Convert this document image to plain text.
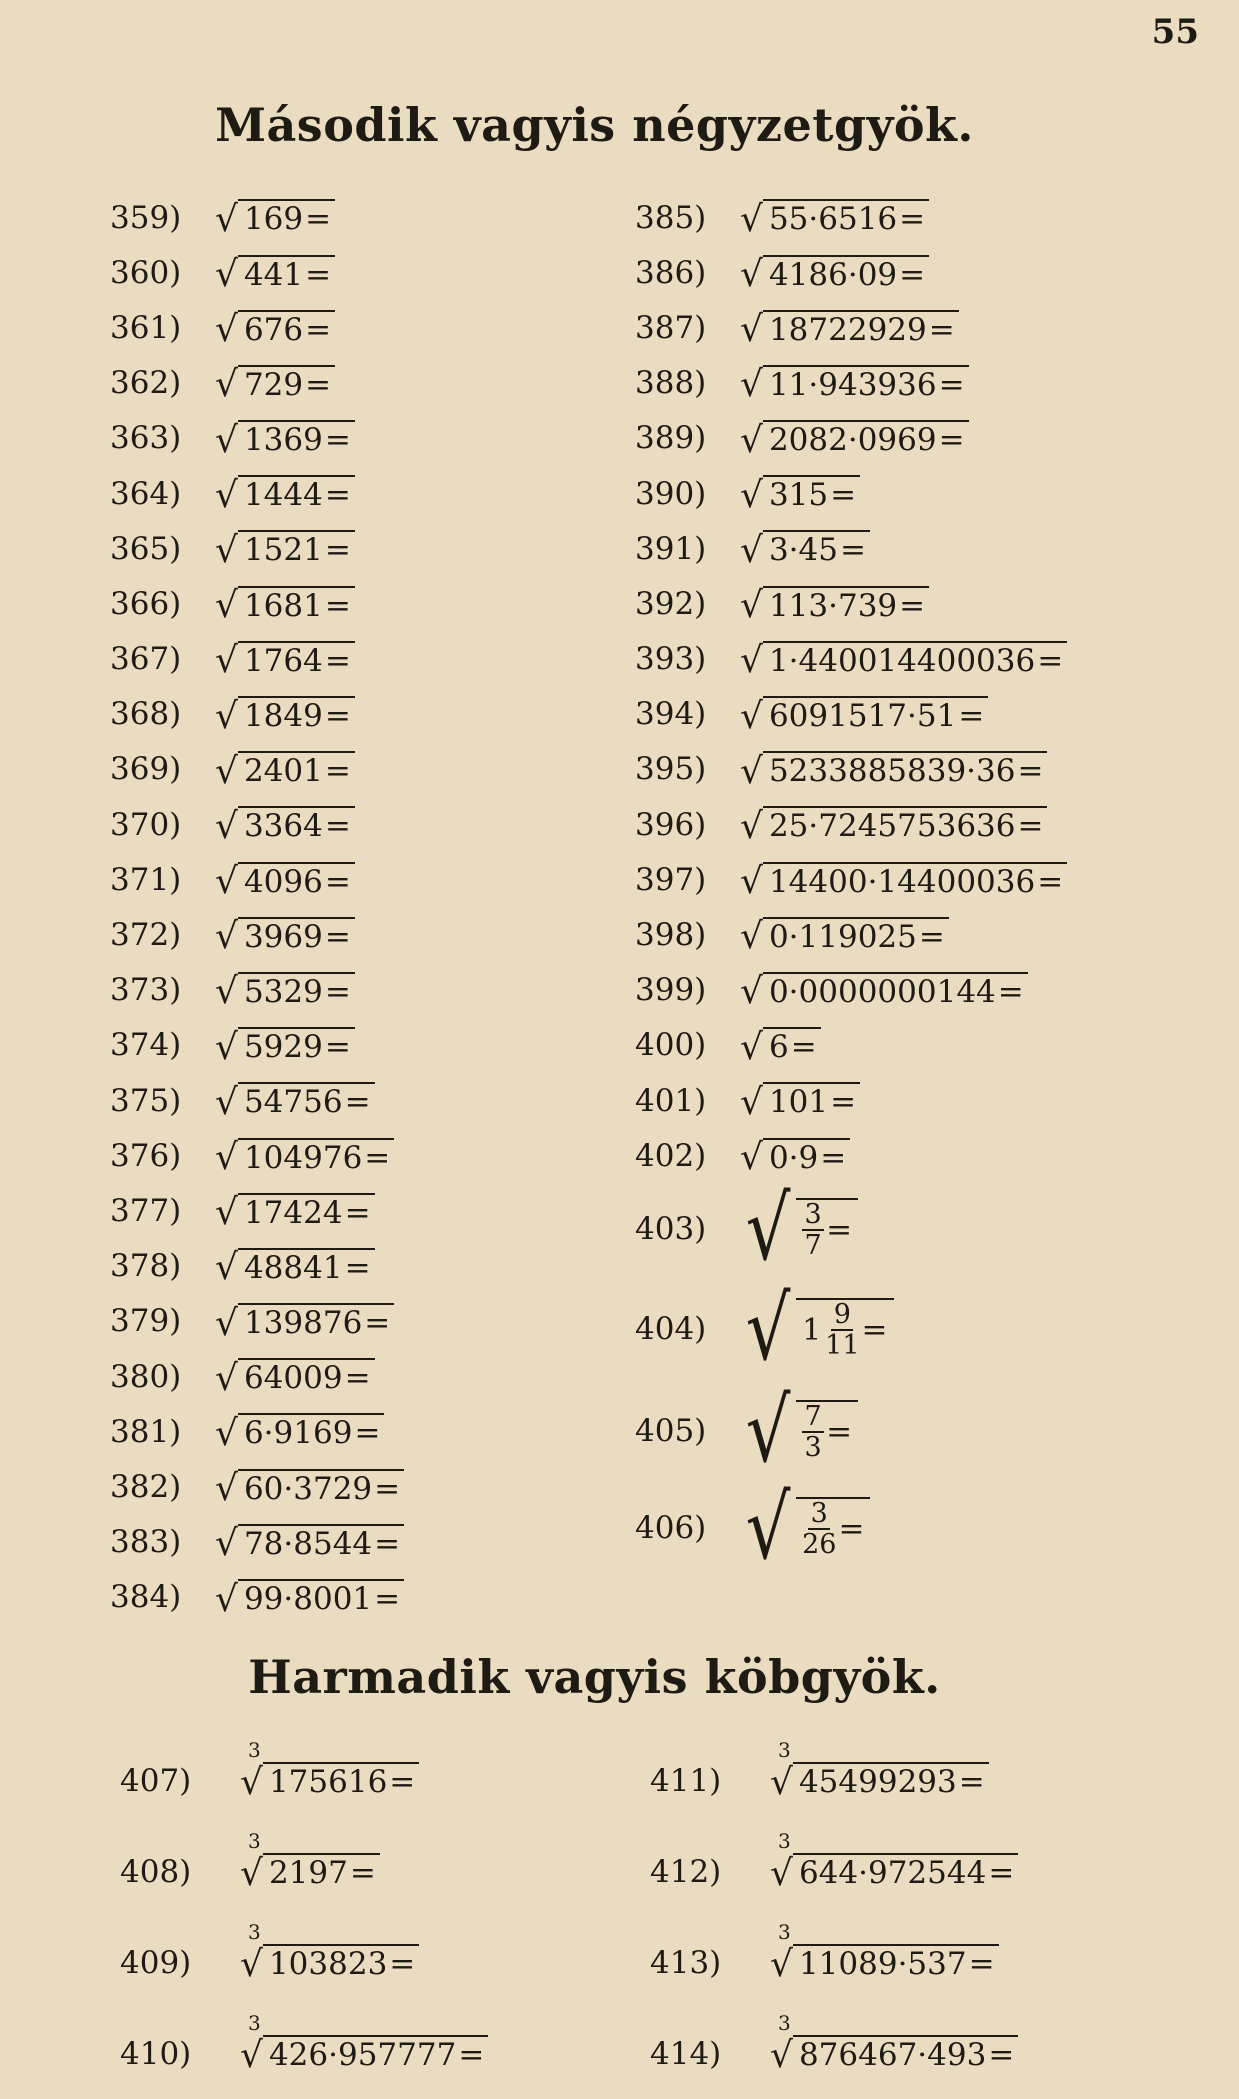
55
Második vagyis négyzetgyök.
359) √ 169=
360) √ 441=
361) √ 676=
362) √ 729=
363) √ 1369=
364) √ 1444=
365) √ 1521=
366) √ 1681=
367) √ 1764=
368) √ 1849=
369) √ 2401=
370) √ 3364=
371) √ 4096=
372) √ 3969=
373) √ 5329=
374) √ 5929=
375) √ 54756=
376) √ 104976=
377) √ 17424=
378) √ 48841=
379) √ 139876=
380) √ 64009=
381) √ 6·9169=
382) √ 60·3729=
383) √ 78·8544=
384) √ 99·8001=
385) √ 55·6516=
386) √ 4186·09=
387) √ 18722929=
388) √ 11·943936=
389) √ 2082·0969=
390) √ 315=
391) √ 3·45=
392) √ 113·739=
393) √ 1·440014400036=
394) √ 6091517·51=
395) √ 5233885839·36=
396) √ 25·7245753636=
397) √ 14400·14400036=
398) √ 0·119025=
399) √ 0·0000000144=
400) √ 6=
401) √ 101=
402) √ 0·9=
403) √ $\frac{3}{7}$ =
404) √ $1 \frac{9}{11}$ =
405) √ $\frac{7}{3}$ =
406) √ $\frac{3}{26}$ =
Harmadik vagyis köbgyök.
407)
3
√ 175616=
408)
3
√ 2197=
409)
3
√ 103823=
410)
3
√ 426·957777=
411)
3
√ 45499293=
412)
3
√ 644·972544=
413)
3
√ 11089·537=
414)
3
√ 876467·493=
